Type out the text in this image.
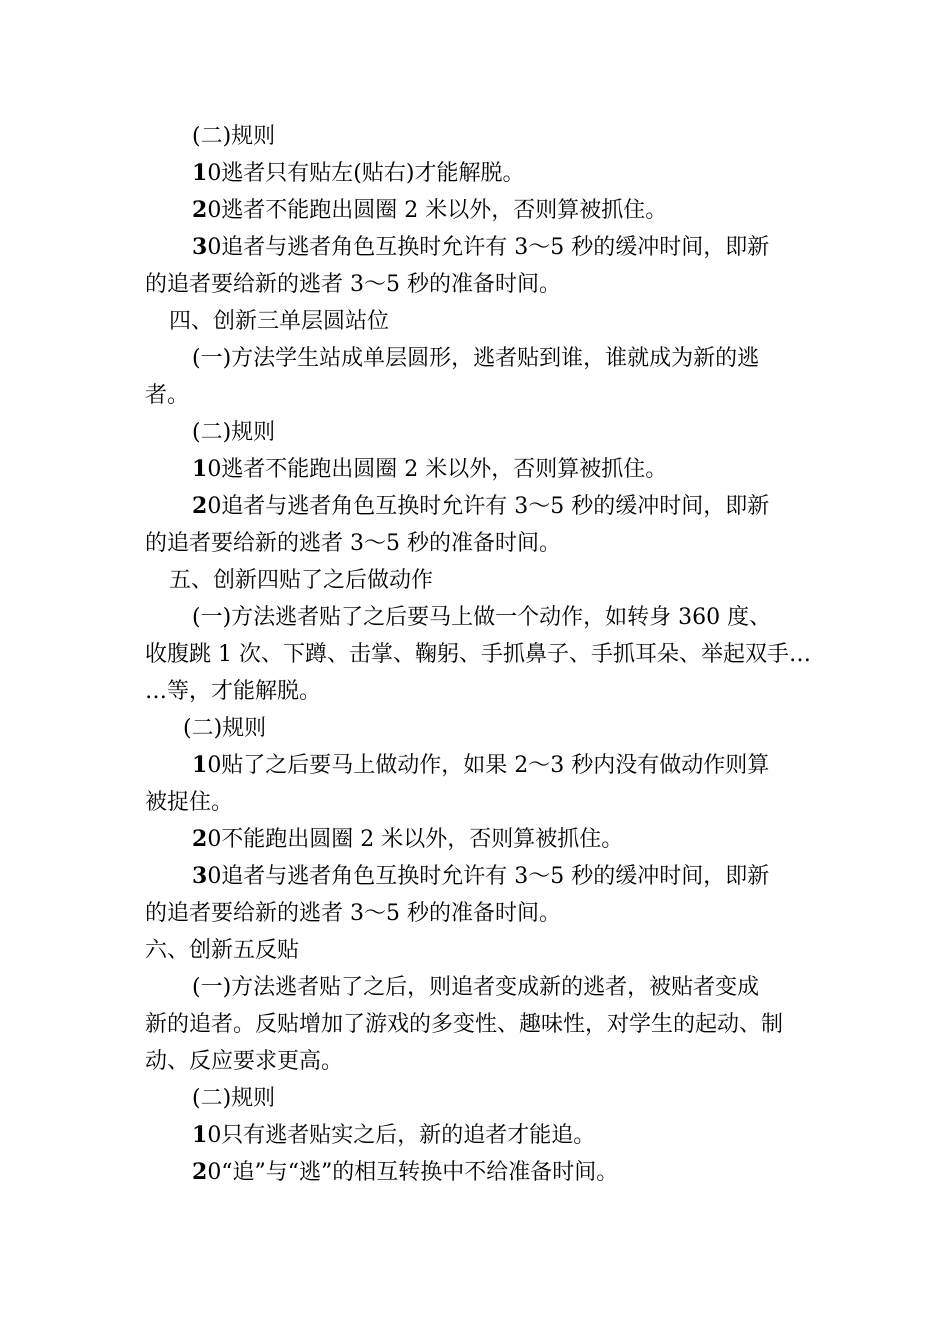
(二)规则
10逃者只有贴左(贴右)才能解脱。
20逃者不能跑出圆圈 2 米以外，否则算被抓住。
30追者与逃者角色互换时允许有 3～5 秒的缓冲时间，即新
的追者要给新的逃者 3～5 秒的准备时间。
四、创新三单层圆站位
(一)方法学生站成单层圆形，逃者贴到谁，谁就成为新的逃
者。
(二)规则
10逃者不能跑出圆圈 2 米以外，否则算被抓住。
20追者与逃者角色互换时允许有 3～5 秒的缓冲时间，即新
的追者要给新的逃者 3～5 秒的准备时间。
五、创新四贴了之后做动作
(一)方法逃者贴了之后要马上做一个动作，如转身 360 度、
收腹跳 1 次、下蹲、击掌、鞠躬、手抓鼻子、手抓耳朵、举起双手…
…等，才能解脱。
(二)规则
10贴了之后要马上做动作，如果 2～3 秒内没有做动作则算
被捉住。
20不能跑出圆圈 2 米以外，否则算被抓住。
30追者与逃者角色互换时允许有 3～5 秒的缓冲时间，即新
的追者要给新的逃者 3～5 秒的准备时间。
六、创新五反贴
(一)方法逃者贴了之后，则追者变成新的逃者，被贴者变成
新的追者。反贴增加了游戏的多变性、趣味性，对学生的起动、制
动、反应要求更高。
(二)规则
10只有逃者贴实之后，新的追者才能追。
20“追”与“逃”的相互转换中不给准备时间。
